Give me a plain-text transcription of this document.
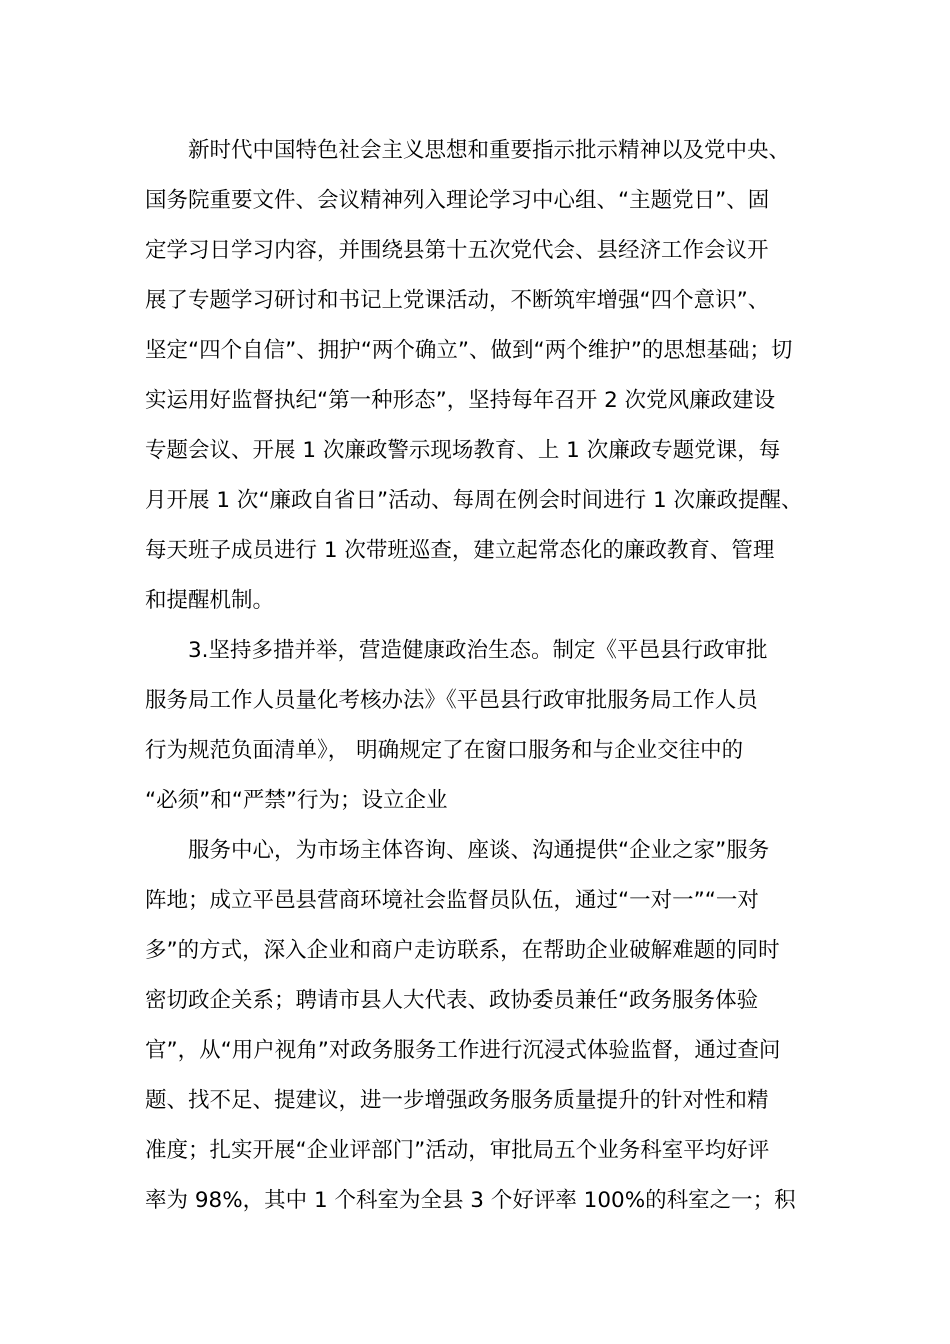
新时代中国特色社会主义思想和重要指示批示精神以及党中央、
国务院重要文件、会议精神列入理论学习中心组、“主题党日”、固
定学习日学习内容，并围绕县第十五次党代会、县经济工作会议开
展了专题学习研讨和书记上党课活动，不断筑牢增强“四个意识”、
坚定“四个自信”、拥护“两个确立”、做到“两个维护”的思想基础；切
实运用好监督执纪“第一种形态”，坚持每年召开 2 次党风廉政建设
专题会议、开展 1 次廉政警示现场教育、上 1 次廉政专题党课，每
月开展 1 次“廉政自省日”活动、每周在例会时间进行 1 次廉政提醒、
每天班子成员进行 1 次带班巡查，建立起常态化的廉政教育、管理
和提醒机制。
3.坚持多措并举，营造健康政治生态。制定《平邑县行政审批
服务局工作人员量化考核办法》《平邑县行政审批服务局工作人员
行为规范负面清单》， 明确规定了在窗口服务和与企业交往中的
“必须”和“严禁”行为；设立企业
服务中心，为市场主体咨询、座谈、沟通提供“企业之家”服务
阵地；成立平邑县营商环境社会监督员队伍，通过“一对一”“一对
多”的方式，深入企业和商户走访联系，在帮助企业破解难题的同时
密切政企关系；聘请市县人大代表、政协委员兼任“政务服务体验
官”，从“用户视角”对政务服务工作进行沉浸式体验监督，通过查问
题、找不足、提建议，进一步增强政务服务质量提升的针对性和精
准度；扎实开展“企业评部门”活动，审批局五个业务科室平均好评
率为 98%，其中 1 个科室为全县 3 个好评率 100%的科室之一；积
